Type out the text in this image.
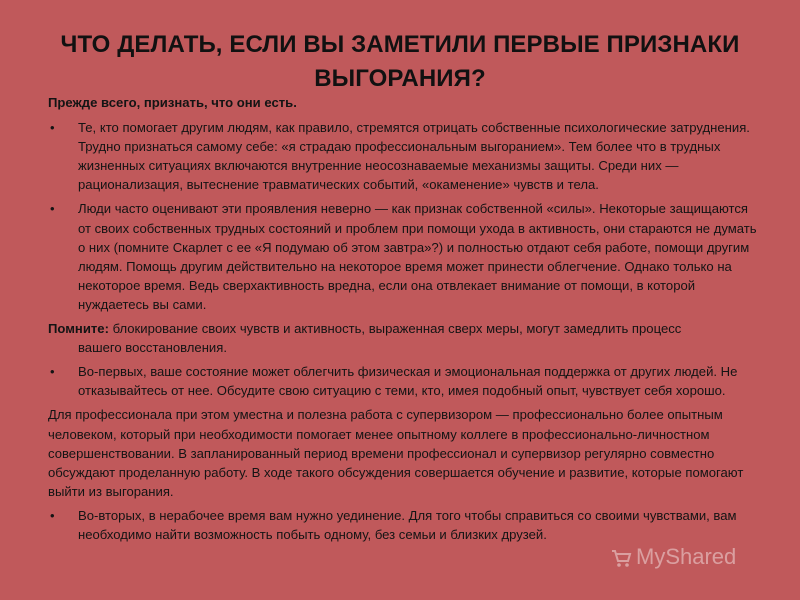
ЧТО ДЕЛАТЬ, ЕСЛИ ВЫ ЗАМЕТИЛИ ПЕРВЫЕ ПРИЗНАКИ ВЫГОРАНИЯ?
Прежде всего, признать, что они есть.
• Те, кто помогает другим людям, как правило, стремятся отрицать собственные психологические затруднения. Трудно признаться самому себе: «я страдаю профессиональным выгоранием». Тем более что в трудных жизненных ситуациях включаются внутренние неосознаваемые механизмы защиты. Среди них — рационализация, вытеснение травматических событий, «окаменение» чувств и тела.
• Люди часто оценивают эти проявления неверно — как признак собственной «силы». Некоторые защищаются от своих собственных трудных состояний и проблем при помощи ухода в активность, они стараются не думать о них (помните Скарлет с ее «Я подумаю об этом завтра»?) и полностью отдают себя работе, помощи другим людям. Помощь другим действительно на некоторое время может принести облегчение. Однако только на некоторое время. Ведь сверхактивность вредна, если она отвлекает внимание от помощи, в которой нуждаетесь вы сами.
Помните: блокирование своих чувств и активность, выраженная сверх меры, могут замедлить процесс
вашего восстановления.
• Во-первых, ваше состояние может облегчить физическая и эмоциональная поддержка от других людей. Не отказывайтесь от нее. Обсудите свою ситуацию с теми, кто, имея подобный опыт, чувствует себя хорошо.
Для профессионала при этом уместна и полезна работа с супервизором — профессионально более опытным человеком, который при необходимости помогает менее опытному коллеге в профессионально-личностном совершенствовании. В запланированный период времени профессионал и супервизор регулярно совместно обсуждают проделанную работу. В ходе такого обсуждения совершается обучение и развитие, которые помогают выйти из выгорания.
• Во-вторых, в нерабочее время вам нужно уединение. Для того чтобы справиться со своими чувствами, вам необходимо найти возможность побыть одному, без семьи и близких друзей.
MyShared
